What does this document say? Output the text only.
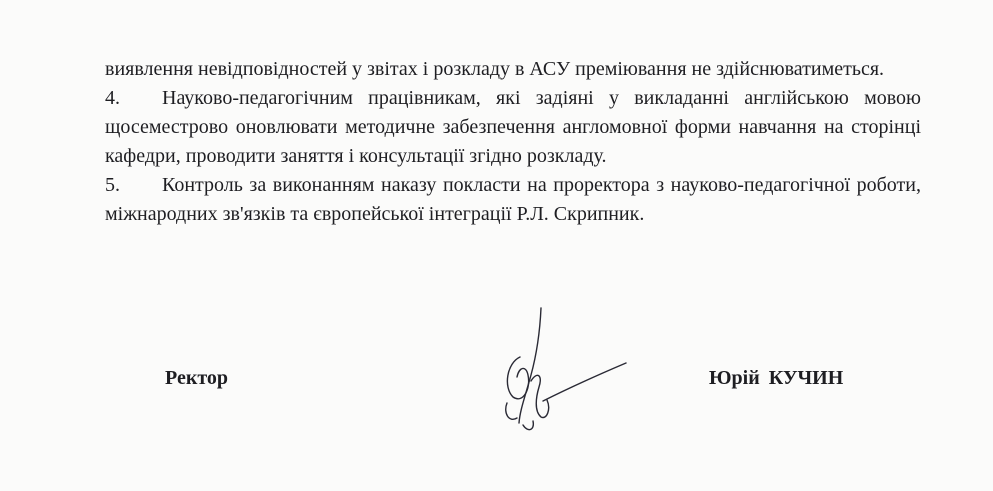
виявлення невідповідностей у звітах і розкладу в АСУ преміювання не здійснюватиметься.

4. Науково-педагогічним працівникам, які задіяні у викладанні англійською мовою щосеместрово оновлювати методичне забезпечення англомовної форми навчання на сторінці кафедри, проводити заняття і консультації згідно розкладу.

5. Контроль за виконанням наказу покласти на проректора з науково-педагогічної роботи, міжнародних зв'язків та європейської інтеграції Р.Л. Скрипник.

Ректор	Юрій КУЧИН
